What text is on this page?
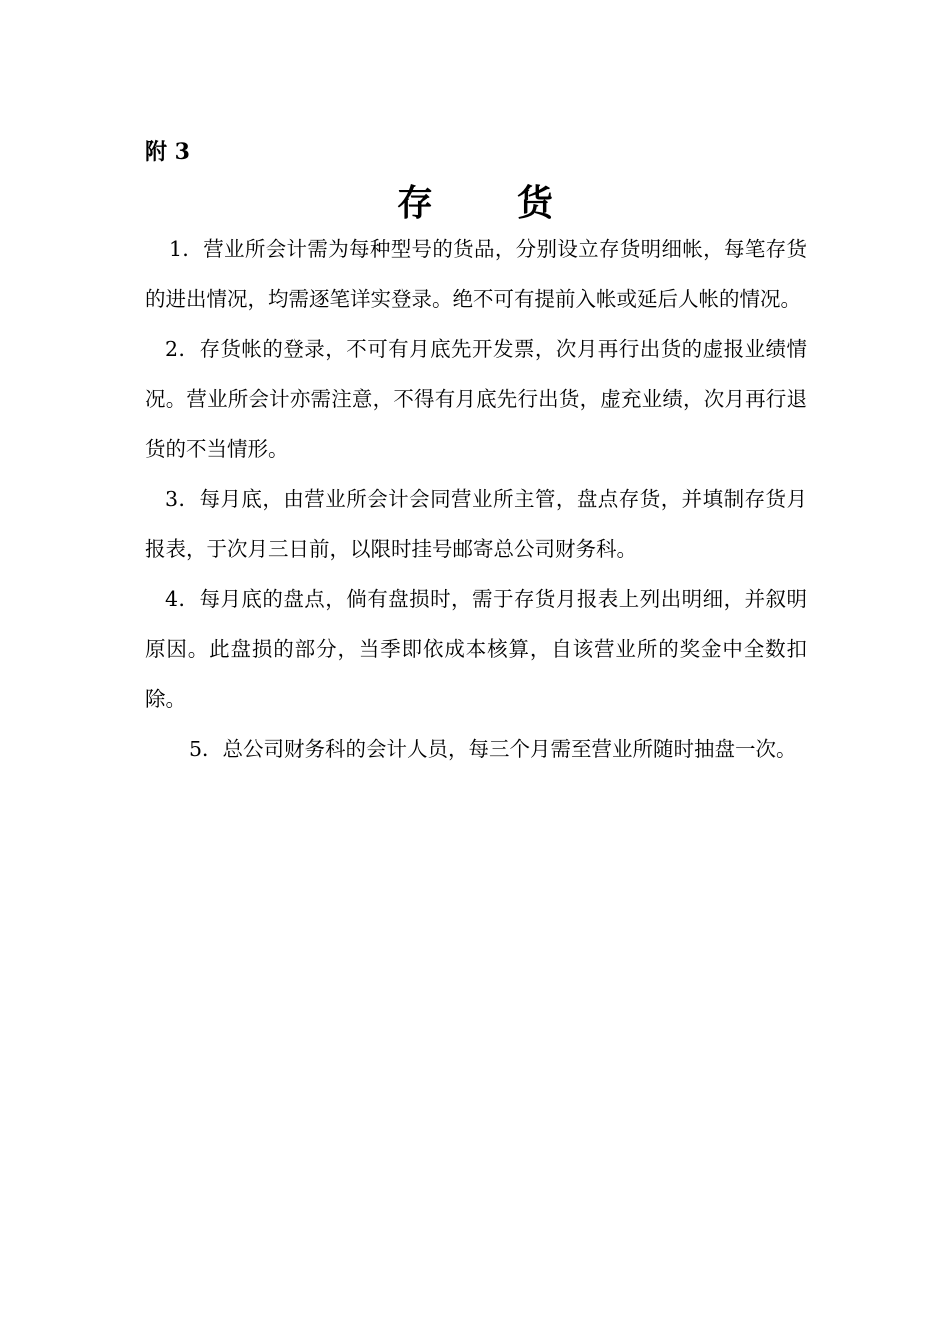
附 3
存货

1．营业所会计需为每种型号的货品，分别设立存货明细帐，每笔存货的进出情况，均需逐笔详实登录。绝不可有提前入帐或延后人帐的情况。

2．存货帐的登录，不可有月底先开发票，次月再行出货的虚报业绩情况。营业所会计亦需注意，不得有月底先行出货，虚充业绩，次月再行退货的不当情形。

3．每月底，由营业所会计会同营业所主管，盘点存货，并填制存货月报表，于次月三日前，以限时挂号邮寄总公司财务科。

4．每月底的盘点，倘有盘损时，需于存货月报表上列出明细，并叙明原因。此盘损的部分，当季即依成本核算，自该营业所的奖金中全数扣除。

5．总公司财务科的会计人员，每三个月需至营业所随时抽盘一次。
